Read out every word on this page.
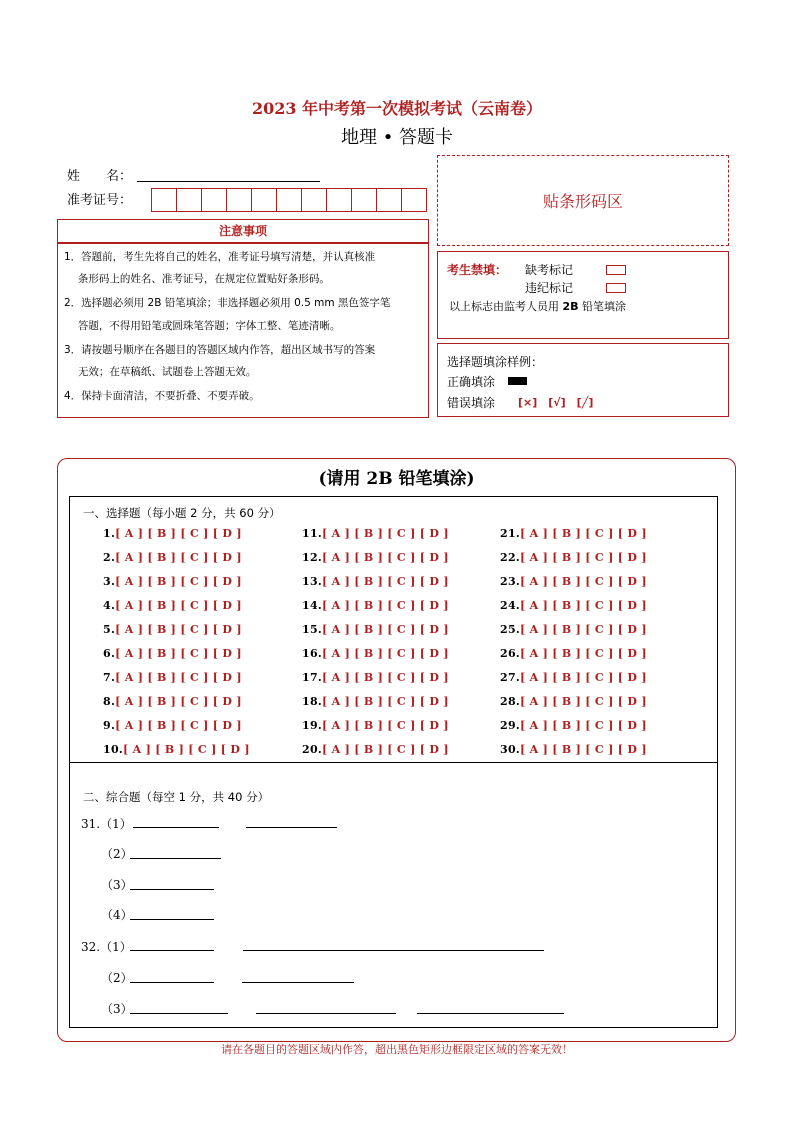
2023 年中考第一次模拟考试（云南卷）
地理 • 答题卡
姓　　名：
准考证号：	贴条形码区
注意事项
1．答题前，考生先将自己的姓名，准考证号填写清楚，并认真核准
　 条形码上的姓名、准考证号，在规定位置贴好条形码。
2．选择题必须用 2B 铅笔填涂；非选择题必须用 0.5 mm 黑色签字笔
　 答题，不得用铅笔或圆珠笔答题；字体工整、笔迹清晰。
3．请按题号顺序在各题目的答题区域内作答，超出区域书写的答案
　 无效；在草稿纸、试题卷上答题无效。
4．保持卡面清洁，不要折叠、不要弄破。
考生禁填： 缺考标记
违纪标记
以上标志由监考人员用 2B 铅笔填涂
选择题填涂样例：
正确填涂
错误填涂 [×]　[√]　[╱]
(请用 2B 铅笔填涂)
一、选择题（每小题 2 分，共 60 分）
1.[ A ] [ B ] [ C ] [ D ]
2.[ A ] [ B ] [ C ] [ D ]
3.[ A ] [ B ] [ C ] [ D ]
4.[ A ] [ B ] [ C ] [ D ]
5.[ A ] [ B ] [ C ] [ D ]
6.[ A ] [ B ] [ C ] [ D ]
7.[ A ] [ B ] [ C ] [ D ]
8.[ A ] [ B ] [ C ] [ D ]
9.[ A ] [ B ] [ C ] [ D ]
10.[ A ] [ B ] [ C ] [ D ]
11.[ A ] [ B ] [ C ] [ D ]
12.[ A ] [ B ] [ C ] [ D ]
13.[ A ] [ B ] [ C ] [ D ]
14.[ A ] [ B ] [ C ] [ D ]
15.[ A ] [ B ] [ C ] [ D ]
16.[ A ] [ B ] [ C ] [ D ]
17.[ A ] [ B ] [ C ] [ D ]
18.[ A ] [ B ] [ C ] [ D ]
19.[ A ] [ B ] [ C ] [ D ]
20.[ A ] [ B ] [ C ] [ D ]
21.[ A ] [ B ] [ C ] [ D ]
22.[ A ] [ B ] [ C ] [ D ]
23.[ A ] [ B ] [ C ] [ D ]
24.[ A ] [ B ] [ C ] [ D ]
25.[ A ] [ B ] [ C ] [ D ]
26.[ A ] [ B ] [ C ] [ D ]
27.[ A ] [ B ] [ C ] [ D ]
28.[ A ] [ B ] [ C ] [ D ]
29.[ A ] [ B ] [ C ] [ D ]
30.[ A ] [ B ] [ C ] [ D ]
二、综合题（每空 1 分，共 40 分）
31.（1）
（2）
（3）
（4）
32.（1）
（2）
（3）
请在各题目的答题区域内作答，超出黑色矩形边框限定区域的答案无效！
